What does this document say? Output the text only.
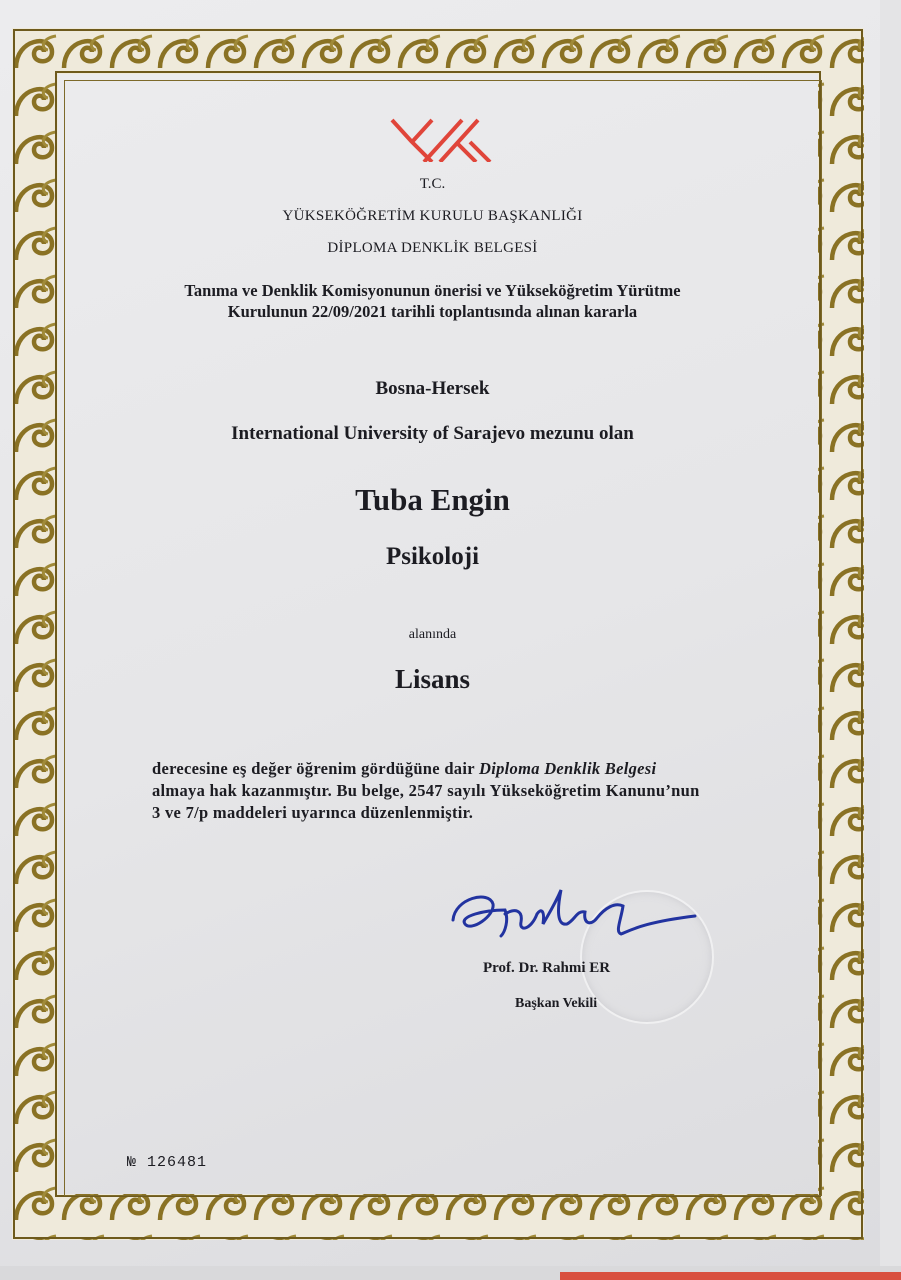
T.C.
YÜKSEKÖĞRETİM KURULU BAŞKANLIĞI
DİPLOMA DENKLİK BELGESİ
Tanıma ve Denklik Komisyonunun önerisi ve Yükseköğretim Yürütme
Kurulunun 22/09/2021 tarihli toplantısında alınan kararla
Bosna-Hersek
International University of Sarajevo mezunu olan
Tuba Engin
Psikoloji
alanında
Lisans
derecesine eş değer öğrenim gördüğüne dair Diploma Denklik Belgesi
almaya hak kazanmıştır. Bu belge, 2547 sayılı Yükseköğretim Kanunu’nun
3 ve 7/p maddeleri uyarınca düzenlenmiştir.
Prof. Dr. Rahmi ER
Başkan Vekili
№ 126481
